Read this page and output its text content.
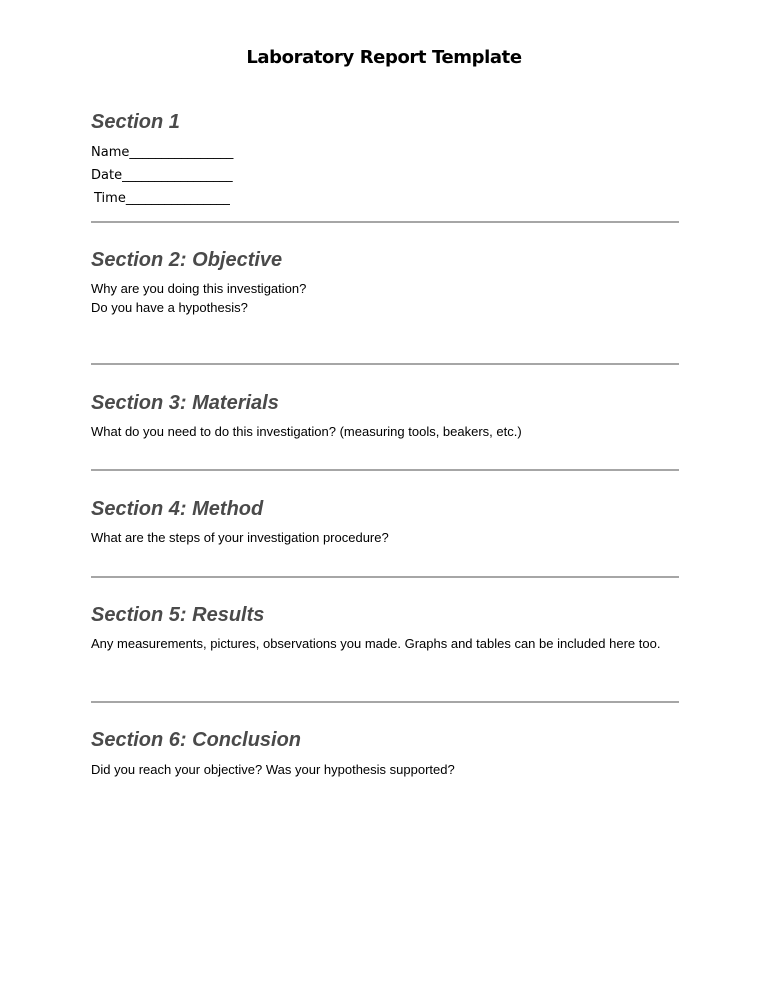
Laboratory Report Template
Section 1
Name________________
Date_________________
Time________________
Section 2: Objective

Why are you doing this investigation?

Do you have a hypothesis?

Section 3: Materials

What do you need to do this investigation? (measuring tools, beakers, etc.)

Section 4: Method

What are the steps of your investigation procedure?

Section 5: Results

Any measurements, pictures, observations you made. Graphs and tables can be included here too.

Section 6: Conclusion

Did you reach your objective? Was your hypothesis supported?
